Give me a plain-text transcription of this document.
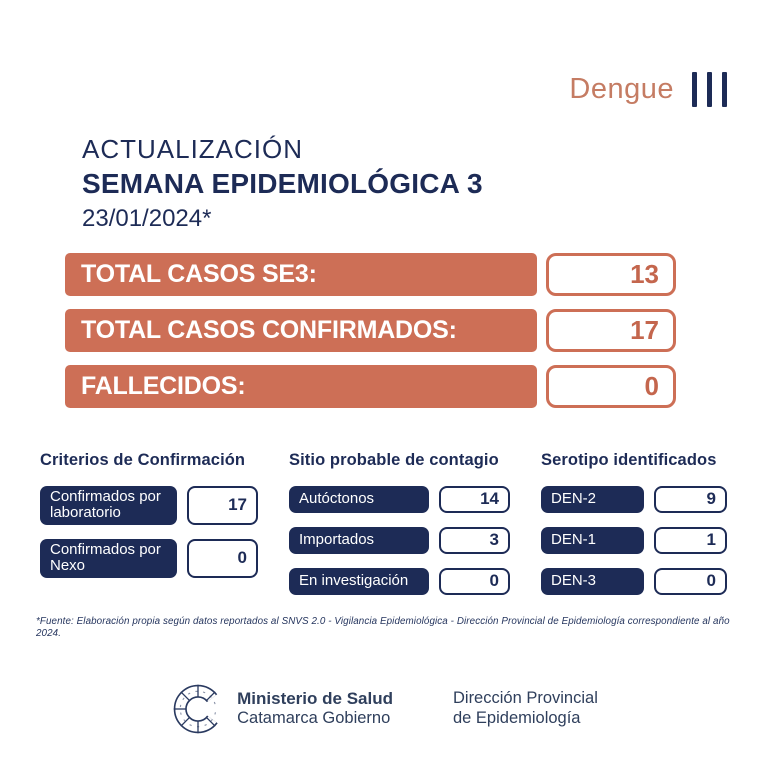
Dengue
ACTUALIZACIÓN
SEMANA EPIDEMIOLÓGICA 3
23/01/2024*
TOTAL CASOS SE3:	13
TOTAL CASOS CONFIRMADOS:	17
FALLECIDOS:	0
Criterios de Confirmación
Confirmados por laboratorio	17
Confirmados por Nexo	0
Sitio probable de contagio
Autóctonos	14
Importados	3
En investigación	0
Serotipo identificados
DEN-2	9
DEN-1	1
DEN-3	0
*Fuente: Elaboración propia según datos reportados al SNVS 2.0 - Vigilancia Epidemiológica - Dirección Provincial de Epidemiología correspondiente al año 2024.
Ministerio de Salud
Catamarca Gobierno
Dirección Provincial
de Epidemiología
